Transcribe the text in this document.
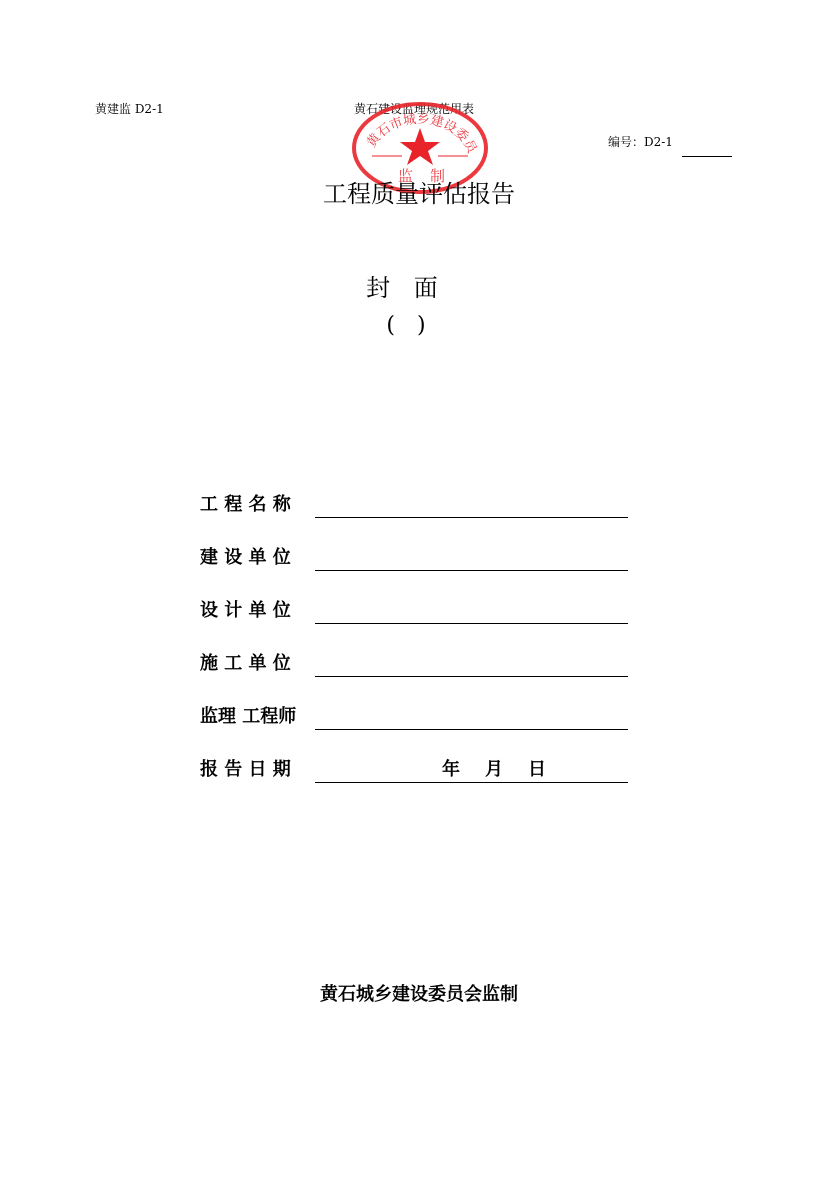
黄建监 D2-1	黄石建设监理规范用表
编号：D2-1
黄石市城乡建设委员
监 制
工程质量评估报告
封 面
(　)
工 程 名 称
建 设 单 位
设 计 单 位
施 工 单 位
监理 工程师
报 告 日 期	年 月 日
黄石城乡建设委员会监制
